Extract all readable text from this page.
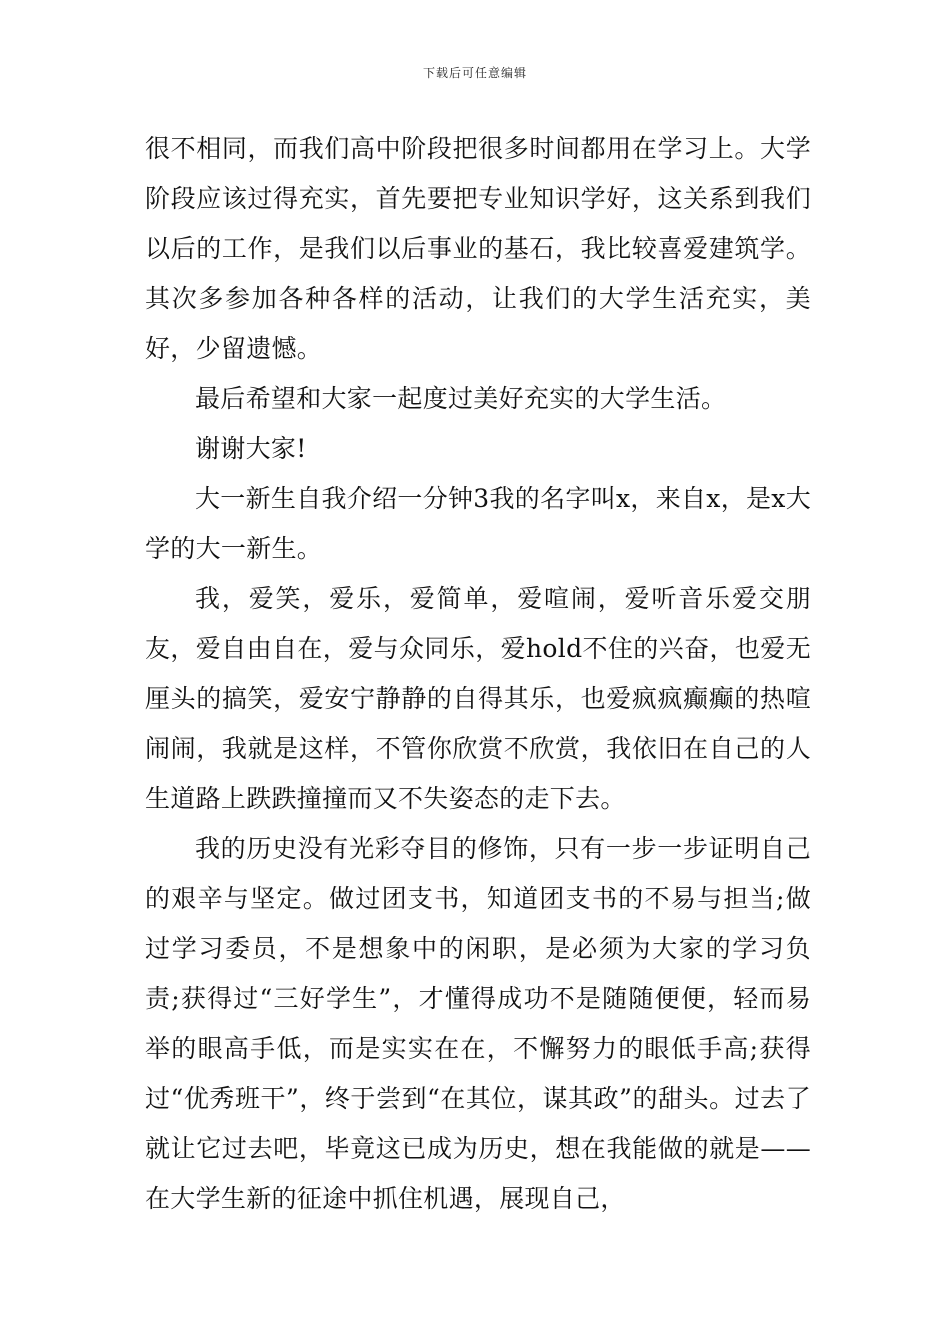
下载后可任意编辑

很不相同，而我们高中阶段把很多时间都用在学习上。大学阶段应该过得充实，首先要把专业知识学好，这关系到我们以后的工作，是我们以后事业的基石，我比较喜爱建筑学。其次多参加各种各样的活动，让我们的大学生活充实，美好，少留遗憾。

最后希望和大家一起度过美好充实的大学生活。

谢谢大家!

大一新生自我介绍一分钟3我的名字叫x，来自x，是x大学的大一新生。

我，爱笑，爱乐，爱简单，爱喧闹，爱听音乐爱交朋友，爱自由自在，爱与众同乐，爱hold不住的兴奋，也爱无厘头的搞笑，爱安宁静静的自得其乐，也爱疯疯癫癫的热喧闹闹，我就是这样，不管你欣赏不欣赏，我依旧在自己的人生道路上跌跌撞撞而又不失姿态的走下去。

我的历史没有光彩夺目的修饰，只有一步一步证明自己的艰辛与坚定。做过团支书，知道团支书的不易与担当;做过学习委员，不是想象中的闲职，是必须为大家的学习负责;获得过“三好学生”，才懂得成功不是随随便便，轻而易举的眼高手低，而是实实在在，不懈努力的眼低手高;获得过“优秀班干”，终于尝到“在其位，谋其政”的甜头。过去了就让它过去吧，毕竟这已成为历史，想在我能做的就是——在大学生新的征途中抓住机遇，展现自己，
